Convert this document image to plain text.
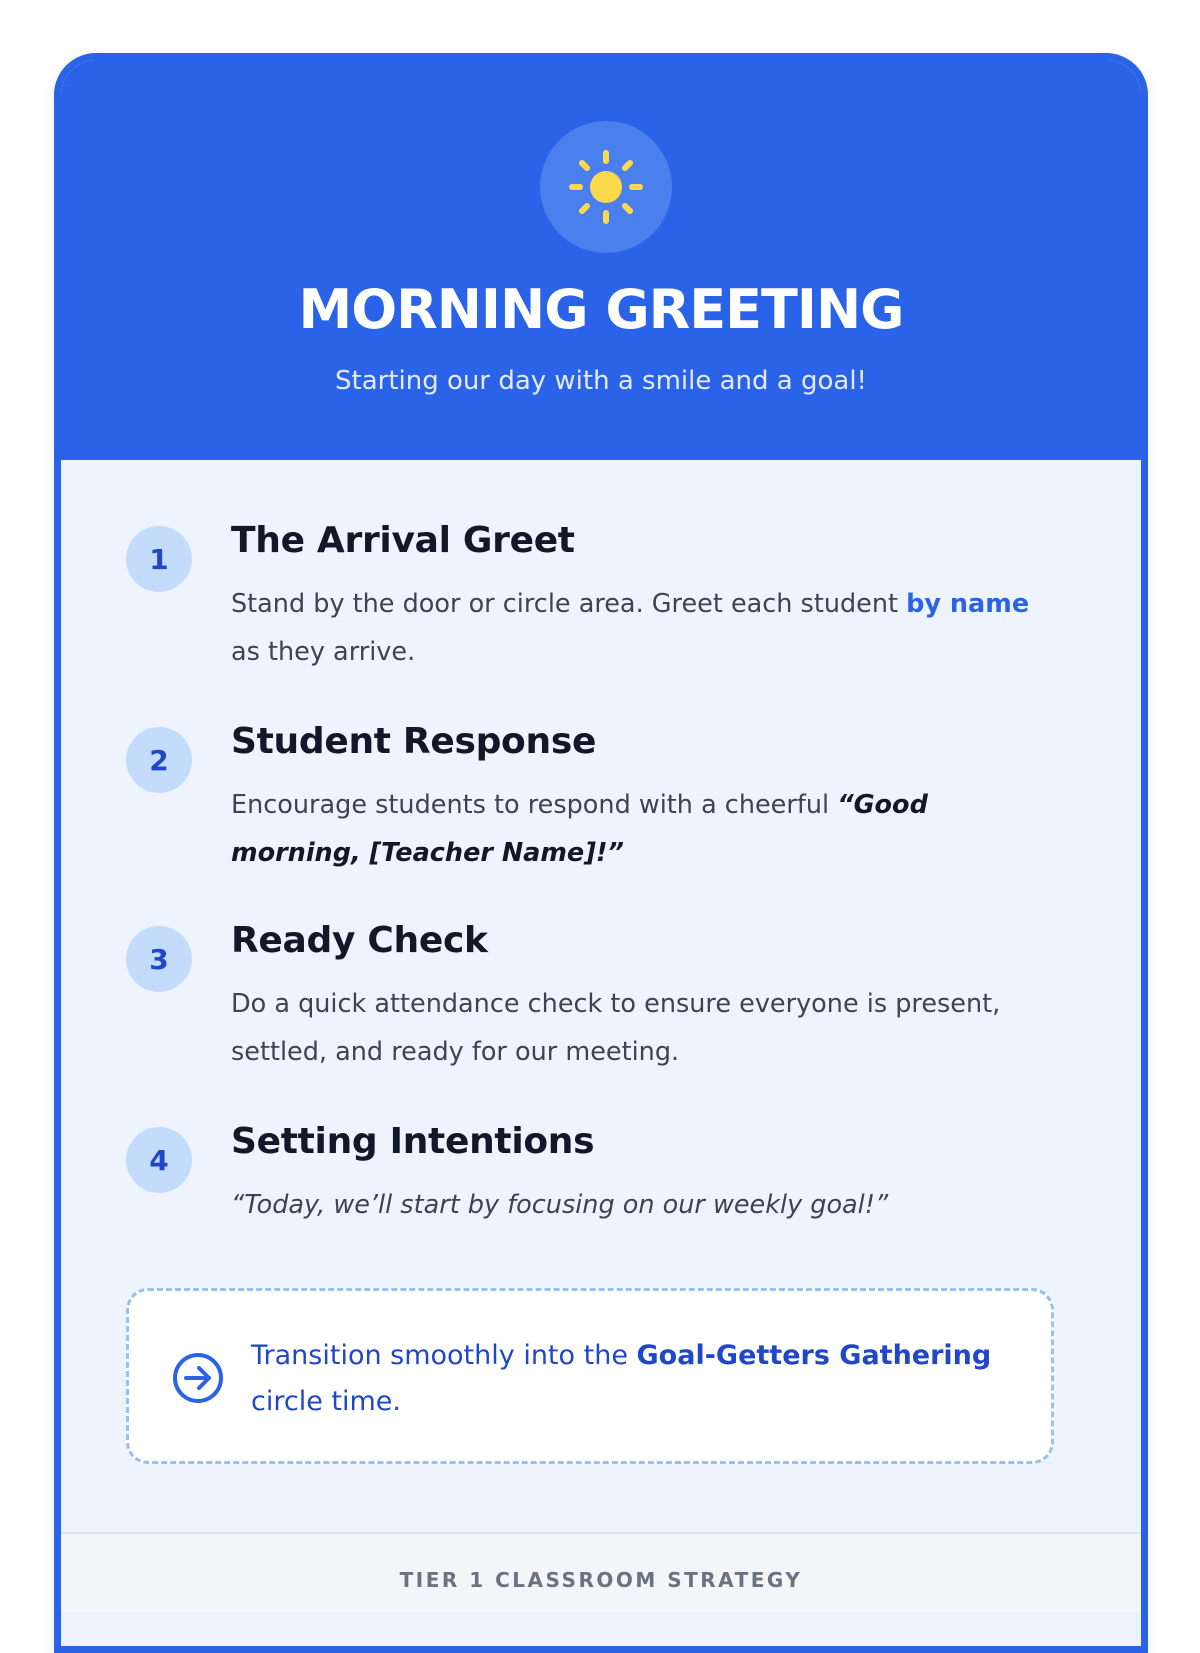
MORNING GREETING
Starting our day with a smile and a goal!
1	The Arrival Greet
Stand by the door or circle area. Greet each student by name as they arrive.
2	Student Response
Encourage students to respond with a cheerful “Good morning, [Teacher Name]!”
3	Ready Check
Do a quick attendance check to ensure everyone is present, settled, and ready for our meeting.
4	Setting Intentions
“Today, we’ll start by focusing on our weekly goal!”
Transition smoothly into the Goal-Getters Gathering circle time.
TIER 1 CLASSROOM STRATEGY
